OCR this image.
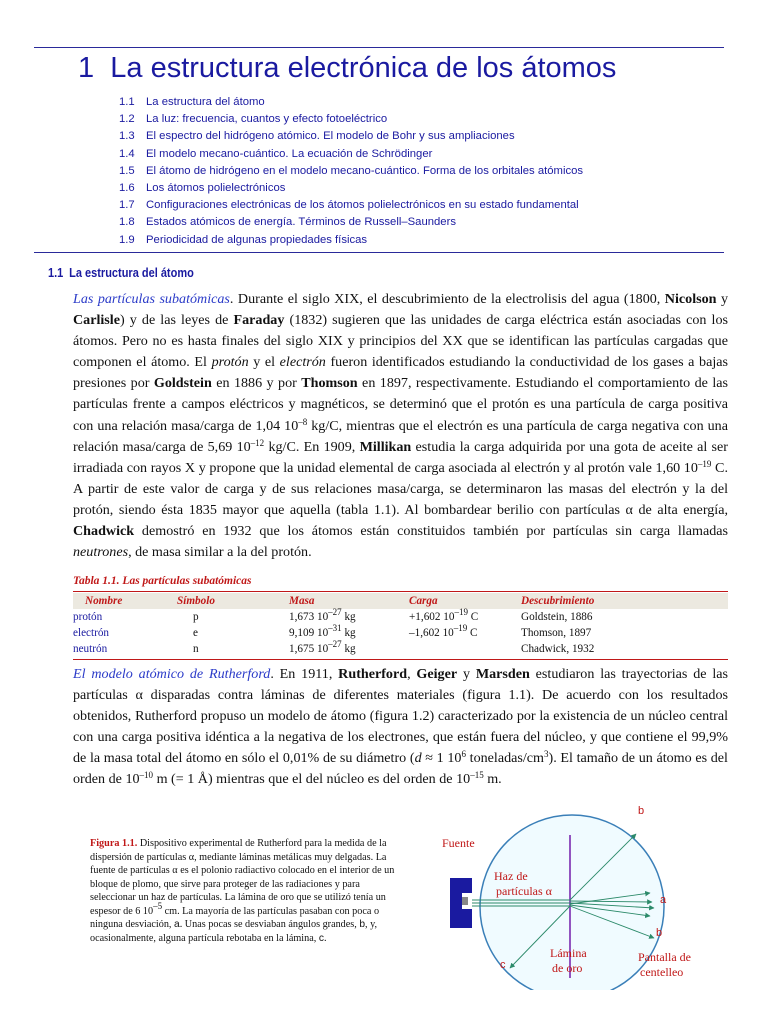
1 La estructura electrónica de los átomos
1.1 La estructura del átomo
1.2 La luz: frecuencia, cuantos y efecto fotoeléctrico
1.3 El espectro del hidrógeno atómico. El modelo de Bohr y sus ampliaciones
1.4 El modelo mecano-cuántico. La ecuación de Schrödinger
1.5 El átomo de hidrógeno en el modelo mecano-cuántico. Forma de los orbitales atómicos
1.6 Los átomos polielectrónicos
1.7 Configuraciones electrónicas de los átomos polielectrónicos en su estado fundamental
1.8 Estados atómicos de energía. Términos de Russell–Saunders
1.9 Periodicidad de algunas propiedades físicas
1.1 La estructura del átomo
Las partículas subatómicas. Durante el siglo XIX, el descubrimiento de la electrolisis del agua (1800, Nicolson y Carlisle) y de las leyes de Faraday (1832) sugieren que las unidades de carga eléctrica están asociadas con los átomos. Pero no es hasta finales del siglo XIX y principios del XX que se identifican las partículas cargadas que componen el átomo. El protón y el electrón fueron identificados estudiando la conductividad de los gases a bajas presiones por Goldstein en 1886 y por Thomson en 1897, respectivamente. Estudiando el comportamiento de las partículas frente a campos eléctricos y magnéticos, se determinó que el protón es una partícula de carga positiva con una relación masa/carga de 1,04 $10^{-8}$ kg/C, mientras que el electrón es una partícula de carga negativa con una relación masa/carga de 5,69 $10^{-12}$ kg/C. En 1909, Millikan estudia la carga adquirida por una gota de aceite al ser irradiada con rayos X y propone que la unidad elemental de carga asociada al electrón y al protón vale 1,60 $10^{-19}$ C. A partir de este valor de carga y de sus relaciones masa/carga, se determinaron las masas del electrón y la del protón, siendo ésta 1835 mayor que aquella (tabla 1.1). Al bombardear berilio con partículas α de alta energía, Chadwick demostró en 1932 que los átomos están constituidos también por partículas sin carga llamadas neutrones, de masa similar a la del protón.
Tabla 1.1. Las partículas subatómicas
Nombre	Símbolo	Masa	Carga	Descubrimiento
protón	p	1,673 $10^{-27}$ kg	+1,602 $10^{-19}$ C	Goldstein, 1886
electrón	e	9,109 $10^{-31}$ kg	–1,602 $10^{-19}$ C	Thomson, 1897
neutrón	n	1,675 $10^{-27}$ kg		Chadwick, 1932
El modelo atómico de Rutherford. En 1911, Rutherford, Geiger y Marsden estudiaron las trayectorias de las partículas α disparadas contra láminas de diferentes materiales (figura 1.1). De acuerdo con los resultados obtenidos, Rutherford propuso un modelo de átomo (figura 1.2) caracterizado por la existencia de un núcleo central con una carga positiva idéntica a la negativa de los electrones, que están fuera del núcleo, y que contiene el 99,9% de la masa total del átomo en sólo el 0,01% de su diámetro (d ≈ 1 $10^6$ toneladas/$cm^3$). El tamaño de un átomo es del orden de $10^{-10}$ m (= 1 Å) mientras que el del núcleo es del orden de $10^{-15}$ m.
Figura 1.1. Dispositivo experimental de Rutherford para la medida de la dispersión de partículas α, mediante láminas metálicas muy delgadas. La fuente de partículas α es el polonio radiactivo colocado en el interior de un bloque de plomo, que sirve para proteger de las radiaciones y para seleccionar un haz de partículas. La lámina de oro que se utilizó tenía un espesor de 6 $10^{-5}$ cm. La mayoría de las partículas pasaban con poca o ninguna desviación, a. Unas pocas se desviaban ángulos grandes, b, y, ocasionalmente, alguna partícula rebotaba en la lámina, c.
Fuente
Haz de
partículas α
Lámina
de oro
Pantalla de
centelleo
a
b
b
c
